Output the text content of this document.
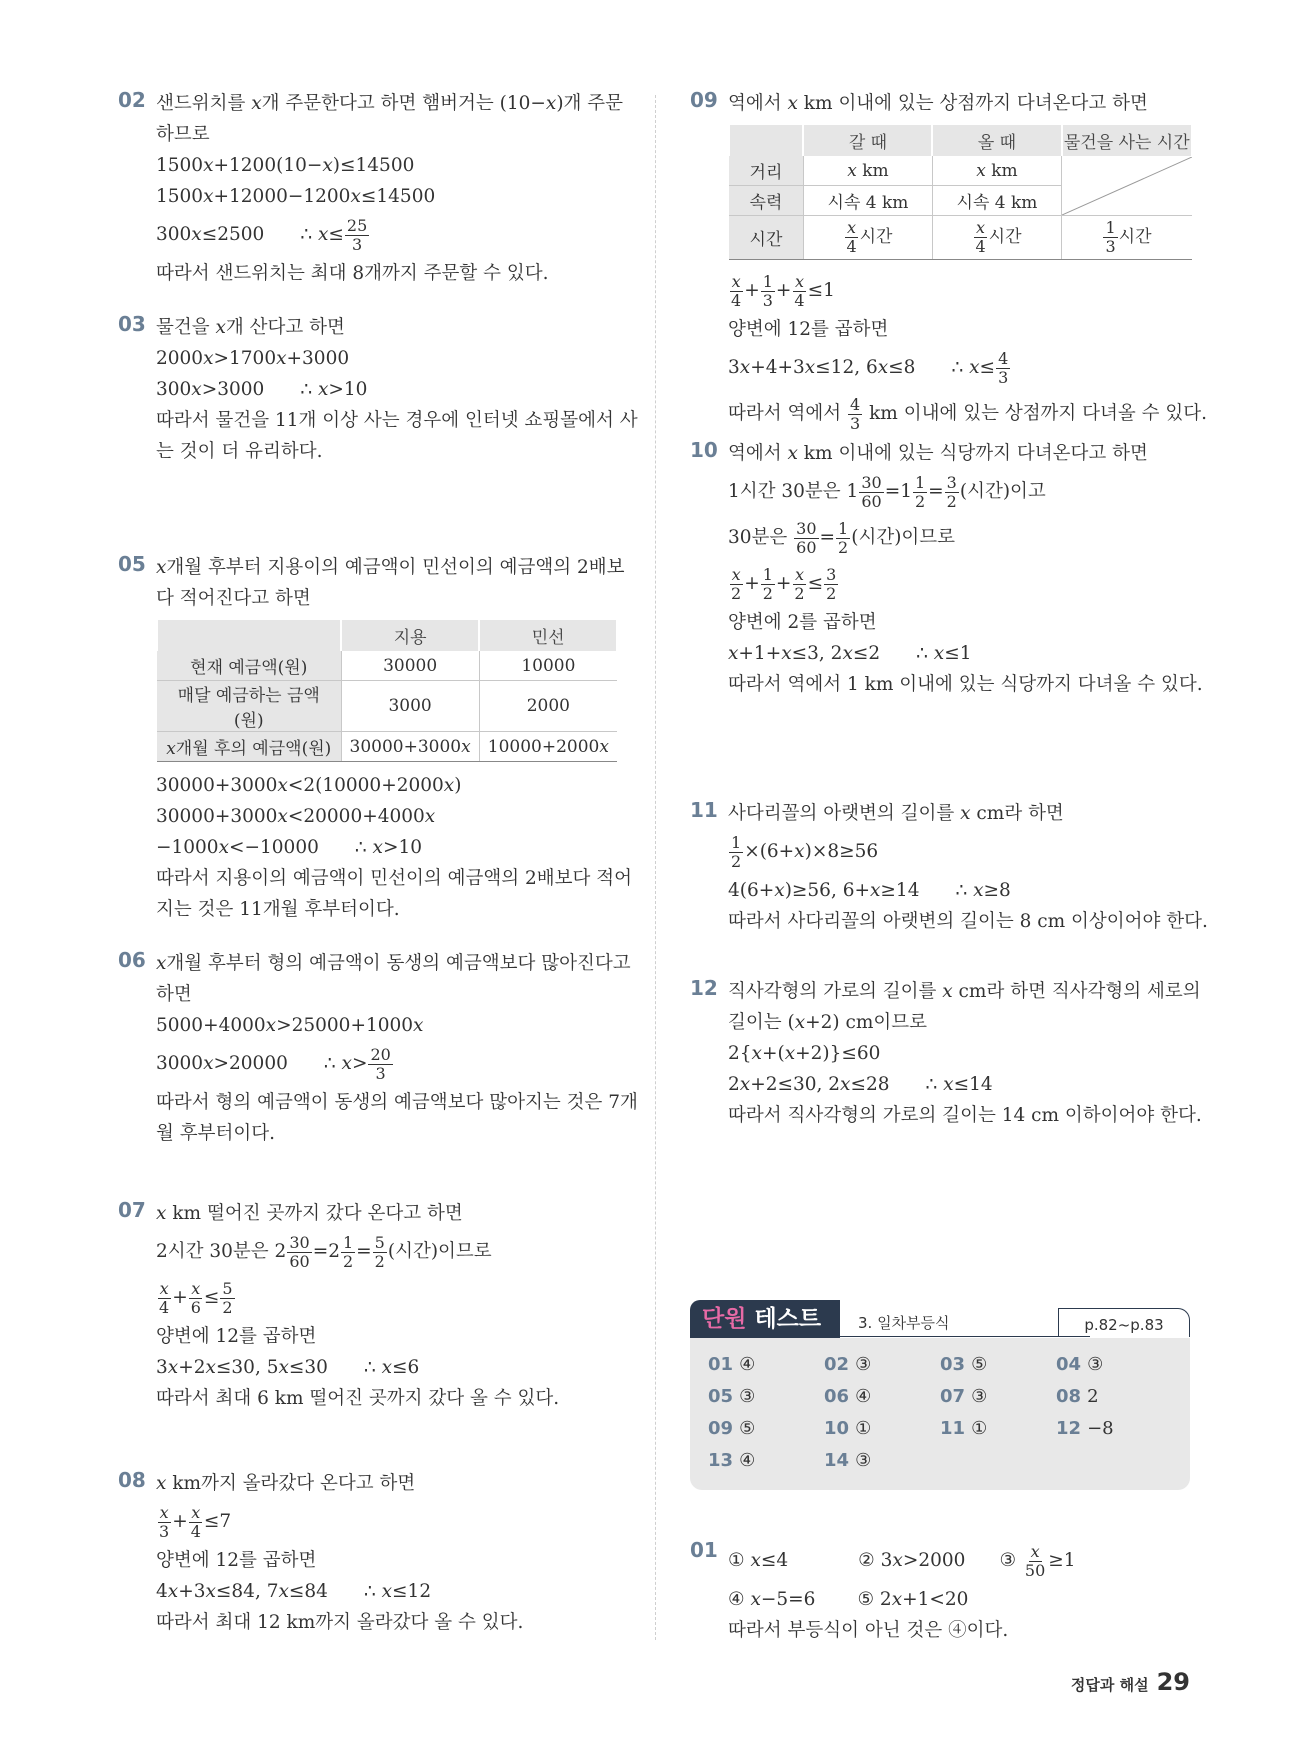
02 샌드위치를 𝑥개 주문한다고 하면 햄버거는 (10−𝑥)개 주문
하므로
1500𝑥+1200(10−𝑥)≤14500
1500𝑥+12000−1200𝑥≤14500
300𝑥≤2500 ∴ 𝑥≤ $\frac{25}{3}$
따라서 샌드위치는 최대 8개까지 주문할 수 있다.
03 물건을 𝑥개 산다고 하면
2000𝑥>1700𝑥+3000
300𝑥>3000 ∴ 𝑥>10
따라서 물건을 11개 이상 사는 경우에 인터넷 쇼핑몰에서 사
는 것이 더 유리하다.
05 𝑥개월 후부터 지용이의 예금액이 민선이의 예금액의 2배보
다 적어진다고 하면
	지용	민선
현재 예금액(원)	30000	10000
매달 예금하는 금액(원)	3000	2000
𝑥개월 후의 예금액(원)	30000+3000𝑥	10000+2000𝑥
30000+3000𝑥<2(10000+2000𝑥)
30000+3000𝑥<20000+4000𝑥
−1000𝑥<−10000 ∴ 𝑥>10
따라서 지용이의 예금액이 민선이의 예금액의 2배보다 적어
지는 것은 11개월 후부터이다.
06 𝑥개월 후부터 형의 예금액이 동생의 예금액보다 많아진다고
하면
5000+4000𝑥>25000+1000𝑥
3000𝑥>20000 ∴ 𝑥> $\frac{20}{3}$
따라서 형의 예금액이 동생의 예금액보다 많아지는 것은 7개
월 후부터이다.
07 𝑥 km 떨어진 곳까지 갔다 온다고 하면
2시간 30분은 $2 \frac{30}{60} =2 \frac{1}{2} = \frac{5}{2}$ (시간)이므로
$\frac{\text{𝑥}}{4} + \frac{\text{𝑥}}{6} \le \frac{5}{2}$
양변에 12를 곱하면
3𝑥+2𝑥≤30, 5𝑥≤30 ∴ 𝑥≤6
따라서 최대 6 km 떨어진 곳까지 갔다 올 수 있다.
08 𝑥 km까지 올라갔다 온다고 하면
$\frac{\text{𝑥}}{3} + \frac{\text{𝑥}}{4} \le 7$
양변에 12를 곱하면
4𝑥+3𝑥≤84, 7𝑥≤84 ∴ 𝑥≤12
따라서 최대 12 km까지 올라갔다 올 수 있다.
09 역에서 𝑥 km 이내에 있는 상점까지 다녀온다고 하면
	갈 때	올 때	물건을 사는 시간
거리	𝑥 km	𝑥 km	

속력	시속 4 km	시속 4 km	
시간	$\frac{\text{𝑥}}{4}$ 시간	$\frac{\text{𝑥}}{4}$ 시간	$\frac{1}{3}$ 시간
$\frac{\text{𝑥}}{4} + \frac{1}{3} + \frac{\text{𝑥}}{4} \le 1$
양변에 12를 곱하면
3𝑥+4+3𝑥≤12, 6𝑥≤8 ∴ 𝑥≤ $\frac{4}{3}$
따라서 역에서 $\frac{4}{3}$ km 이내에 있는 상점까지 다녀올 수 있다.
10 역에서 𝑥 km 이내에 있는 식당까지 다녀온다고 하면
1시간 30분은 $1 \frac{30}{60} =1 \frac{1}{2} = \frac{3}{2}$ (시간)이고
30분은 $\frac{30}{60} = \frac{1}{2}$ (시간)이므로
$\frac{\text{𝑥}}{2} + \frac{1}{2} + \frac{\text{𝑥}}{2} \le \frac{3}{2}$
양변에 2를 곱하면
𝑥+1+𝑥≤3, 2𝑥≤2 ∴ 𝑥≤1
따라서 역에서 1 km 이내에 있는 식당까지 다녀올 수 있다.
11 사다리꼴의 아랫변의 길이를 𝑥 cm라 하면
$\frac{1}{2}$ ×(6+𝑥)×8≥56
4(6+𝑥)≥56, 6+𝑥≥14 ∴ 𝑥≥8
따라서 사다리꼴의 아랫변의 길이는 8 cm 이상이어야 한다.
12 직사각형의 가로의 길이를 𝑥 cm라 하면 직사각형의 세로의
길이는 (𝑥+2) cm이므로
2{𝑥+(𝑥+2)}≤60
2𝑥+2≤30, 2𝑥≤28 ∴ 𝑥≤14
따라서 직사각형의 가로의 길이는 14 cm 이하이어야 한다.
01 ① 𝑥≤4	② 3𝑥>2000 ③ $\frac{\text{𝑥}}{50} \ge 1$
④ 𝑥−5=6 ⑤ 2𝑥+1<20
따라서 부등식이 아닌 것은 ④이다.
단원 테스트	3. 일차부등식	p.82~p.83
01 ④	02 ③	03 ⑤	04 ③
05 ③	06 ④	07 ③	08 2
09 ⑤	10 ①	11 ①	12 −8
13 ④	14 ③
정답과 해설 29
